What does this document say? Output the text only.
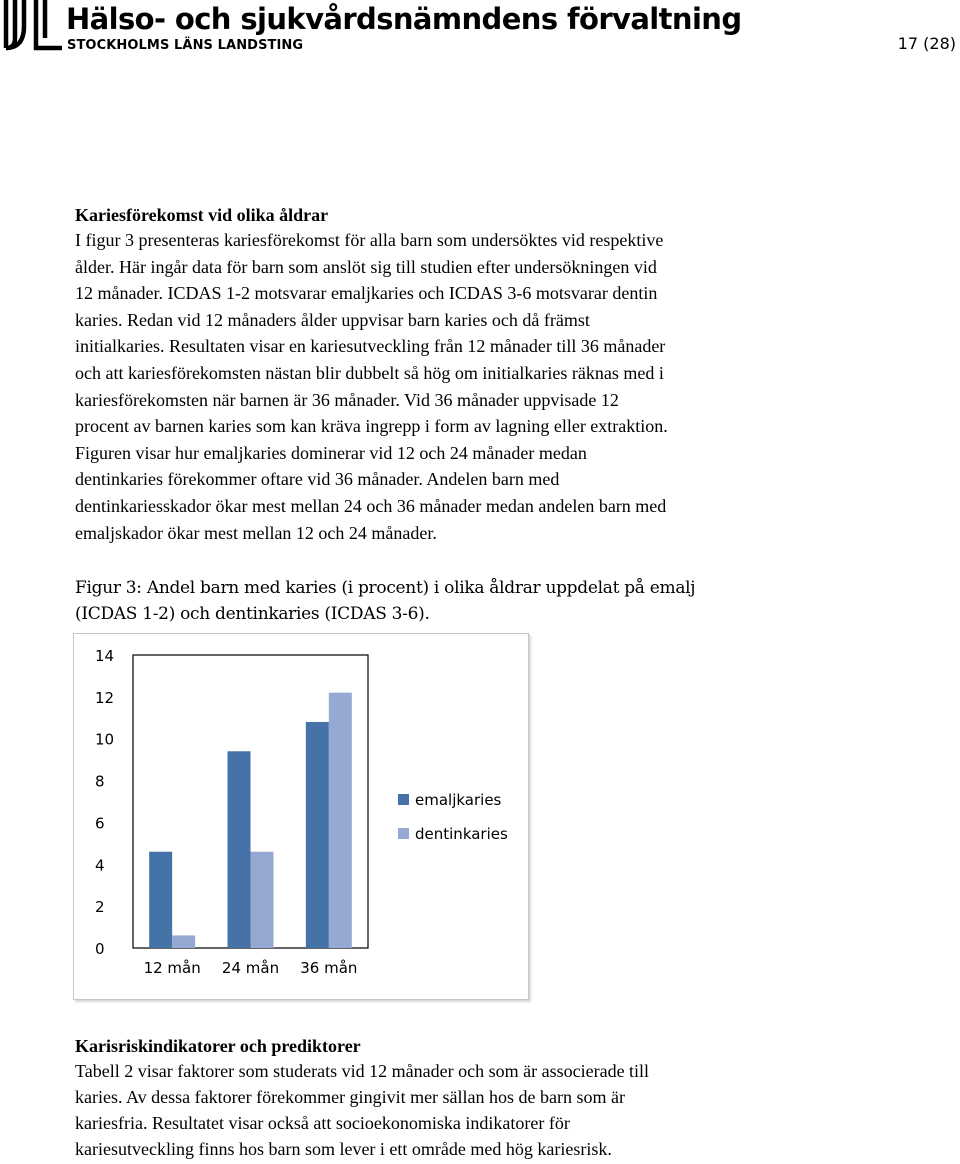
Hälso- och sjukvårdsnämndens förvaltning
STOCKHOLMS LÄNS LANDSTING	17 (28)
Kariesförekomst vid olika åldrar
I figur 3 presenteras kariesförekomst för alla barn som undersöktes vid respektive
ålder. Här ingår data för barn som anslöt sig till studien efter undersökningen vid
12 månader. ICDAS 1-2 motsvarar emaljkaries och ICDAS 3-6 motsvarar dentin
karies. Redan vid 12 månaders ålder uppvisar barn karies och då främst
initialkaries. Resultaten visar en kariesutveckling från 12 månader till 36 månader
och att kariesförekomsten nästan blir dubbelt så hög om initialkaries räknas med i
kariesförekomsten när barnen är 36 månader. Vid 36 månader uppvisade 12
procent av barnen karies som kan kräva ingrepp i form av lagning eller extraktion.
Figuren visar hur emaljkaries dominerar vid 12 och 24 månader medan
dentinkaries förekommer oftare vid 36 månader. Andelen barn med
dentinkariesskador ökar mest mellan 24 och 36 månader medan andelen barn med
emaljskador ökar mest mellan 12 och 24 månader.
Figur 3: Andel barn med karies (i procent) i olika åldrar uppdelat på emalj
(ICDAS 1-2) och dentinkaries (ICDAS 3-6).
0
2
4
6
8
10
12
14
12 mån 24 mån 36 mån
emaljkaries
dentinkaries
Karisriskindikatorer och prediktorer
Tabell 2 visar faktorer som studerats vid 12 månader och som är associerade till
karies. Av dessa faktorer förekommer gingivit mer sällan hos de barn som är
kariesfria. Resultatet visar också att socioekonomiska indikatorer för
kariesutveckling finns hos barn som lever i ett område med hög kariesrisk.
